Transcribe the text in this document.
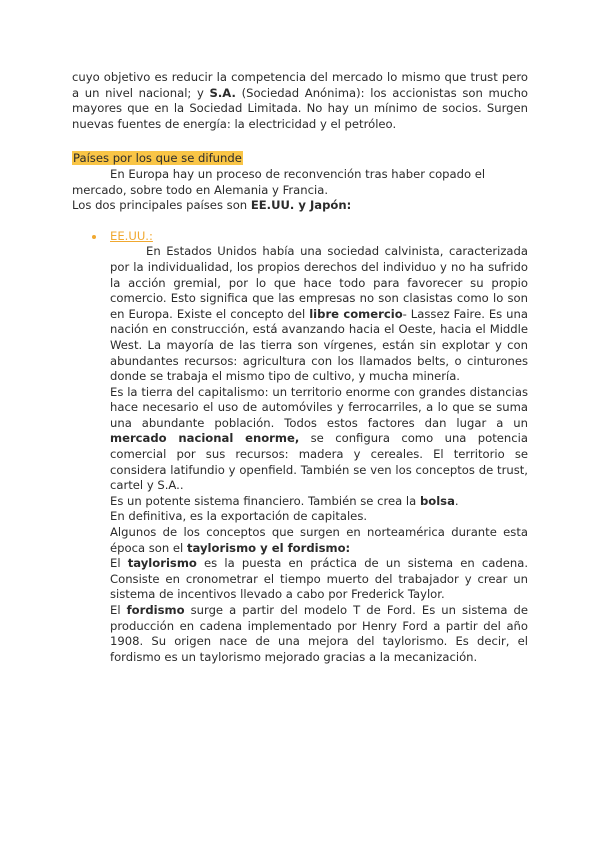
cuyo objetivo es reducir la competencia del mercado lo mismo que trust pero a un nivel nacional; y S.A. (Sociedad Anónima): los accionistas son mucho mayores que en la Sociedad Limitada. No hay un mínimo de socios. Surgen nuevas fuentes de energía: la electricidad y el petróleo.

Países por los que se difunde

En Europa hay un proceso de reconvención tras haber copado el mercado, sobre todo en Alemania y Francia.

Los dos principales países son EE.UU. y Japón:

EE.UU.:

En Estados Unidos había una sociedad calvinista, caracterizada por la individualidad, los propios derechos del individuo y no ha sufrido la acción gremial, por lo que hace todo para favorecer su propio comercio. Esto significa que las empresas no son clasistas como lo son en Europa. Existe el concepto del libre comercio- Lassez Faire. Es una nación en construcción, está avanzando hacia el Oeste, hacia el Middle West. La mayoría de las tierra son vírgenes, están sin explotar y con abundantes recursos: agricultura con los llamados belts, o cinturones donde se trabaja el mismo tipo de cultivo, y mucha minería.

Es la tierra del capitalismo: un territorio enorme con grandes distancias hace necesario el uso de automóviles y ferrocarriles, a lo que se suma una abundante población. Todos estos factores dan lugar a un mercado nacional enorme, se configura como una potencia comercial por sus recursos: madera y cereales. El territorio se considera latifundio y openfield. También se ven los conceptos de trust, cartel y S.A..

Es un potente sistema financiero. También se crea la bolsa.

En definitiva, es la exportación de capitales.

Algunos de los conceptos que surgen en norteamérica durante esta época son el taylorismo y el fordismo:

El taylorismo es la puesta en práctica de un sistema en cadena. Consiste en cronometrar el tiempo muerto del trabajador y crear un sistema de incentivos llevado a cabo por Frederick Taylor.

El fordismo surge a partir del modelo T de Ford. Es un sistema de producción en cadena implementado por Henry Ford a partir del año 1908. Su origen nace de una mejora del taylorismo. Es decir, el fordismo es un taylorismo mejorado gracias a la mecanización.
